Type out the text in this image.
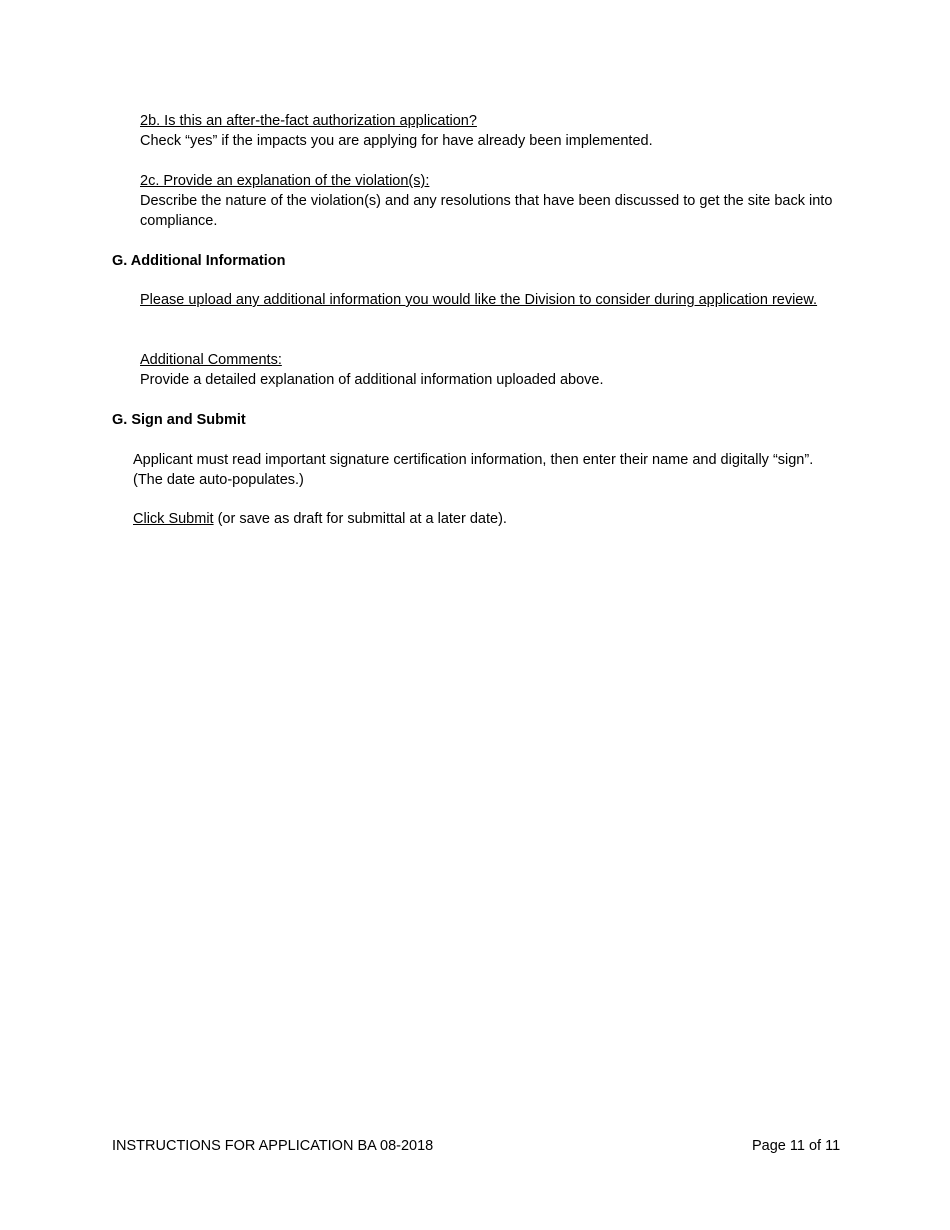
2b. Is this an after-the-fact authorization application?

Check “yes” if the impacts you are applying for have already been implemented.

2c. Provide an explanation of the violation(s):

Describe the nature of the violation(s) and any resolutions that have been discussed to get the site back into compliance.

G. Additional Information

Please upload any additional information you would like the Division to consider during application review.

Additional Comments:

Provide a detailed explanation of additional information uploaded above.

G. Sign and Submit

Applicant must read important signature certification information, then enter their name and digitally “sign”. (The date auto-populates.)

Click Submit (or save as draft for submittal at a later date).

INSTRUCTIONS FOR APPLICATION BA 08-2018	Page 11 of 11
